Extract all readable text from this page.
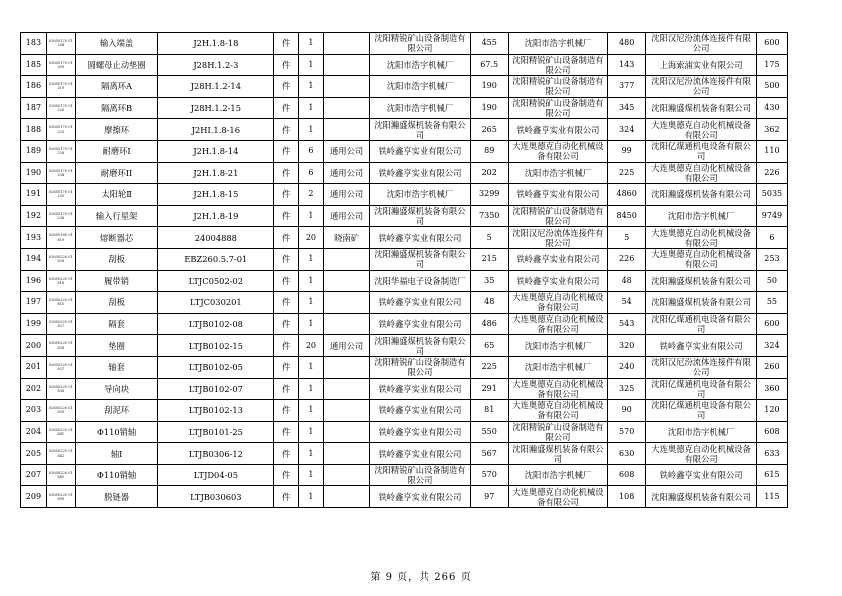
183	02850170 01204	输入端盖	J2H.1.8-18	件	1		沈阳精锐矿山设备制造有限公司	455	沈阳市浩宇机械厂	480	沈阳汉尼汾流体连接件有限公司	600
185	02850170 01209	圆螺母止动垫圈	J28H.1.2-3	件	1		沈阳市浩宇机械厂	67.5	沈阳精锐矿山设备制造有限公司	143	上海索浦实业有限公司	175
186	02850170 01219	隔离环A	J28H.1.2-14	件	1		沈阳市浩宇机械厂	190	沈阳精锐矿山设备制造有限公司	377	沈阳汉尼汾流体连接件有限公司	500
187	02850170 01220	隔离环B	J28H.1.2-15	件	1		沈阳市浩宇机械厂	190	沈阳精锐矿山设备制造有限公司	345	沈阳瀚盛煤机装备有限公司	430
188	02850170 01223	摩擦环	J2HI.1.8-16	件	1		沈阳瀚盛煤机装备有限公司	265	铁岭鑫亨实业有限公司	324	大连奥德克自动化机械设备有限公司	362
189	02850170 01228	耐磨环I	J2H.1.8-14	件	6	通用公司	铁岭鑫亨实业有限公司	89	大连奥德克自动化机械设备有限公司	99	沈阳亿煤通机电设备有限公司	110
190	02850170 01234	耐磨环II	J2H.1.8-21	件	6	通用公司	铁岭鑫亨实业有限公司	202	沈阳市浩宇机械厂	225	大连奥德克自动化机械设备有限公司	226
191	02850170 01235	太阳轮Ⅱ	J2H.1.8-15	件	2	通用公司	沈阳市浩宇机械厂	3299	铁岭鑫亨实业有限公司	4860	沈阳瀚盛煤机装备有限公司	5035
192	02850170 01238	输入行星架	J2H.1.8-19	件	1	通用公司	沈阳瀚盛煤机装备有限公司	7350	沈阳精锐矿山设备制造有限公司	8450	沈阳市浩宇机械厂	9749
193	02850180 01819	熔断器芯	24004888	件	20	晓南矿	铁岭鑫亨实业有限公司	5	沈阳汉尼汾流体连接件有限公司	5	大连奥德克自动化机械设备有限公司	6
194	02850220 01828	刮板	EBZ260.5.7-01	件	1		沈阳瀚盛煤机装备有限公司	215	铁岭鑫亨实业有限公司	226	大连奥德克自动化机械设备有限公司	253
196	02850220 01818	履带销	LTJC0502-02	件	1		沈阳华福电子设备制造厂	35	铁岭鑫亨实业有限公司	48	沈阳瀚盛煤机装备有限公司	50
197	02850220 01815	刮板	LTJC030201	件	1		铁岭鑫亨实业有限公司	48	大连奥德克自动化机械设备有限公司	54	沈阳瀚盛煤机装备有限公司	55
199	02850220 01827	隔套	LTJB0102-08	件	1		铁岭鑫亨实业有限公司	486	大连奥德克自动化机械设备有限公司	543	沈阳亿煤通机电设备有限公司	600
200	02850220 01828	垫圈	LTJB0102-15	件	20	通用公司	沈阳瀚盛煤机装备有限公司	65	沈阳市浩宇机械厂	320	铁岭鑫亨实业有限公司	324
201	02850220 01837	轴套	LTJB0102-05	件	1		沈阳精锐矿山设备制造有限公司	225	沈阳市浩宇机械厂	240	沈阳汉尼汾流体连接件有限公司	260
202	02850220 01838	导向块	LTJB0102-07	件	1		铁岭鑫亨实业有限公司	291	大连奥德克自动化机械设备有限公司	325	沈阳亿煤通机电设备有限公司	360
203	02850220 01839	刮泥环	LTJB0102-13	件	1		铁岭鑫亨实业有限公司	81	大连奥德克自动化机械设备有限公司	90	沈阳亿煤通机电设备有限公司	120
204	02850220 01841	Φ110销轴	LTJB0101-25	件	1		铁岭鑫亨实业有限公司	550	沈阳精锐矿山设备制造有限公司	570	沈阳市浩宇机械厂	608
205	02850220 01842	轴I	LTJB0306-12	件	1		铁岭鑫亨实业有限公司	567	沈阳瀚盛煤机装备有限公司	630	大连奥德克自动化机械设备有限公司	633
207	02850220 01845	Φ110销轴	LTJD04-05	件	1		沈阳精锐矿山设备制造有限公司	570	沈阳市浩宇机械厂	608	铁岭鑫亨实业有限公司	615
209	02850220 01899	脱链器	LTJB030603	件	1		铁岭鑫亨实业有限公司	97	大连奥德克自动化机械设备有限公司	108	沈阳瀚盛煤机装备有限公司	115
第 9 页，共 266 页
